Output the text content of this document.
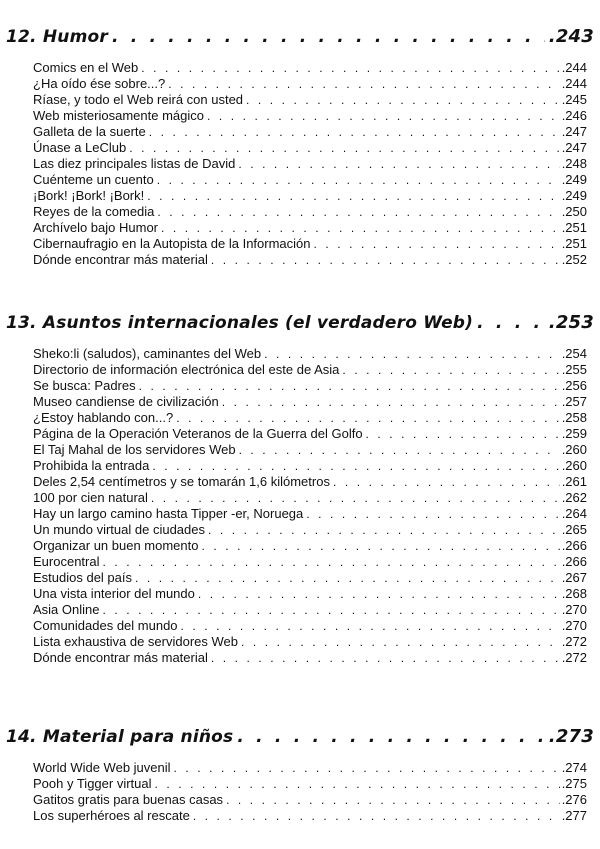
12. Humor . . .	.243
Comics en el Web . . .	.244
¿Ha oído ése sobre...? . . .	.244
Ríase, y todo el Web reirá con usted . . .	.245
Web misteriosamente mágico . . .	.246
Galleta de la suerte . . .	.247
Únase a LeClub . . .	.247
Las diez principales listas de David . . .	.248
Cuénteme un cuento . . .	.249
¡Bork! ¡Bork! ¡Bork! . . .	.249
Reyes de la comedia . . .	.250
Archívelo bajo Humor . . .	.251
Cibernaufragio en la Autopista de la Información . . .	.251
Dónde encontrar más material . . .	.252
13. Asuntos internacionales (el verdadero Web) . . .	.253
Sheko:li (saludos), caminantes del Web . . .	.254
Directorio de información electrónica del este de Asia . . .	.255
Se busca: Padres . . .	.256
Museo candiense de civilización . . .	.257
¿Estoy hablando con...? . . .	.258
Página de la Operación Veteranos de la Guerra del Golfo . . .	.259
El Taj Mahal de los servidores Web . . .	.260
Prohibida la entrada . . .	.260
Deles 2,54 centímetros y se tomarán 1,6 kilómetros . . .	.261
100 por cien natural . . .	.262
Hay un largo camino hasta Tipper -er, Noruega . . .	.264
Un mundo virtual de ciudades . . .	.265
Organizar un buen momento . . .	.266
Eurocentral . . .	.266
Estudios del país . . .	.267
Una vista interior del mundo . . .	.268
Asia Online . . .	.270
Comunidades del mundo . . .	.270
Lista exhaustiva de servidores Web . . .	.272
Dónde encontrar más material . . .	.272
14. Material para niños . . .	.273
World Wide Web juvenil . . .	.274
Pooh y Tigger virtual . . .	.275
Gatitos gratis para buenas casas . . .	.276
Los superhéroes al rescate . . .	.277
